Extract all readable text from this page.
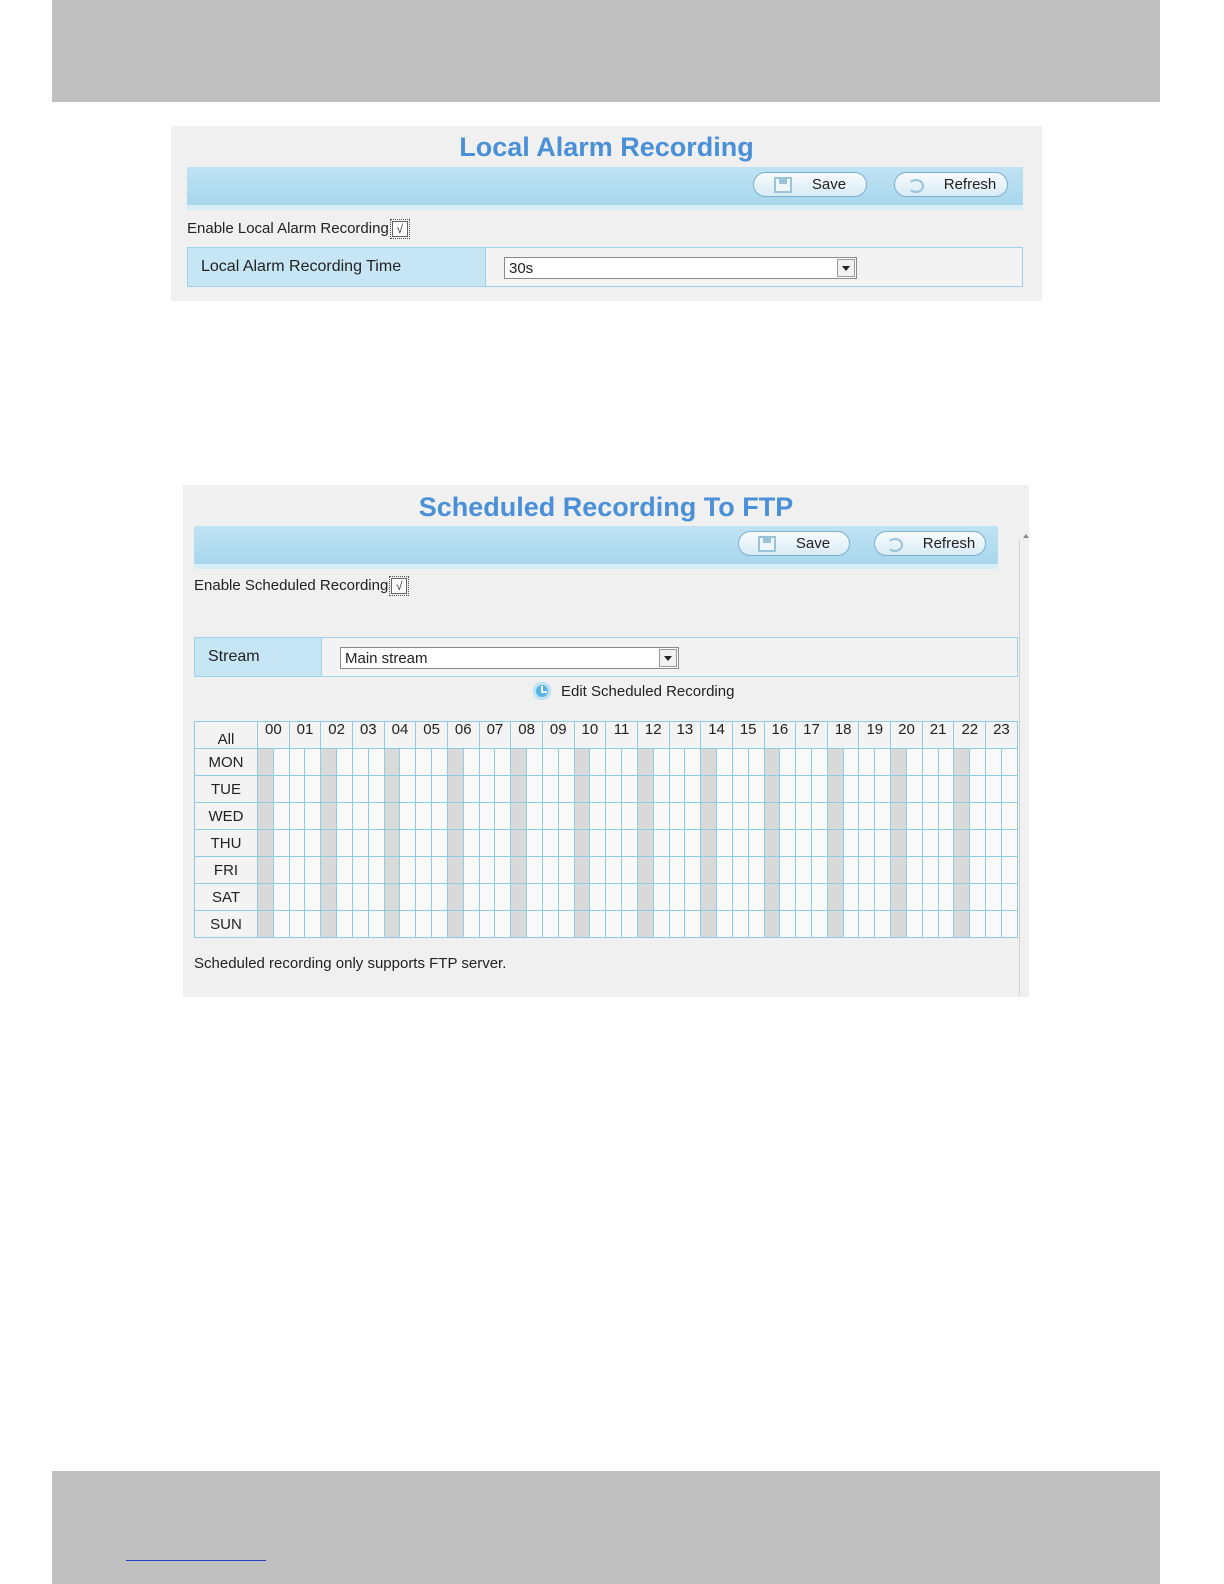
Local Alarm Recording
Save	Refresh
Enable Local Alarm Recording √
Local Alarm Recording Time	30s
Scheduled Recording To FTP
Save	Refresh
Enable Scheduled Recording √
Stream	Main stream
Edit Scheduled Recording
All	00		01		02		03		04		05		06		07		08		09		10		11		12		13		14		15		16		17		18		19		20		21		22		23	
MON																																																
TUE																																																
WED																																																
THU																																																
FRI																																																
SAT																																																
SUN																																																
Scheduled recording only supports FTP server.
